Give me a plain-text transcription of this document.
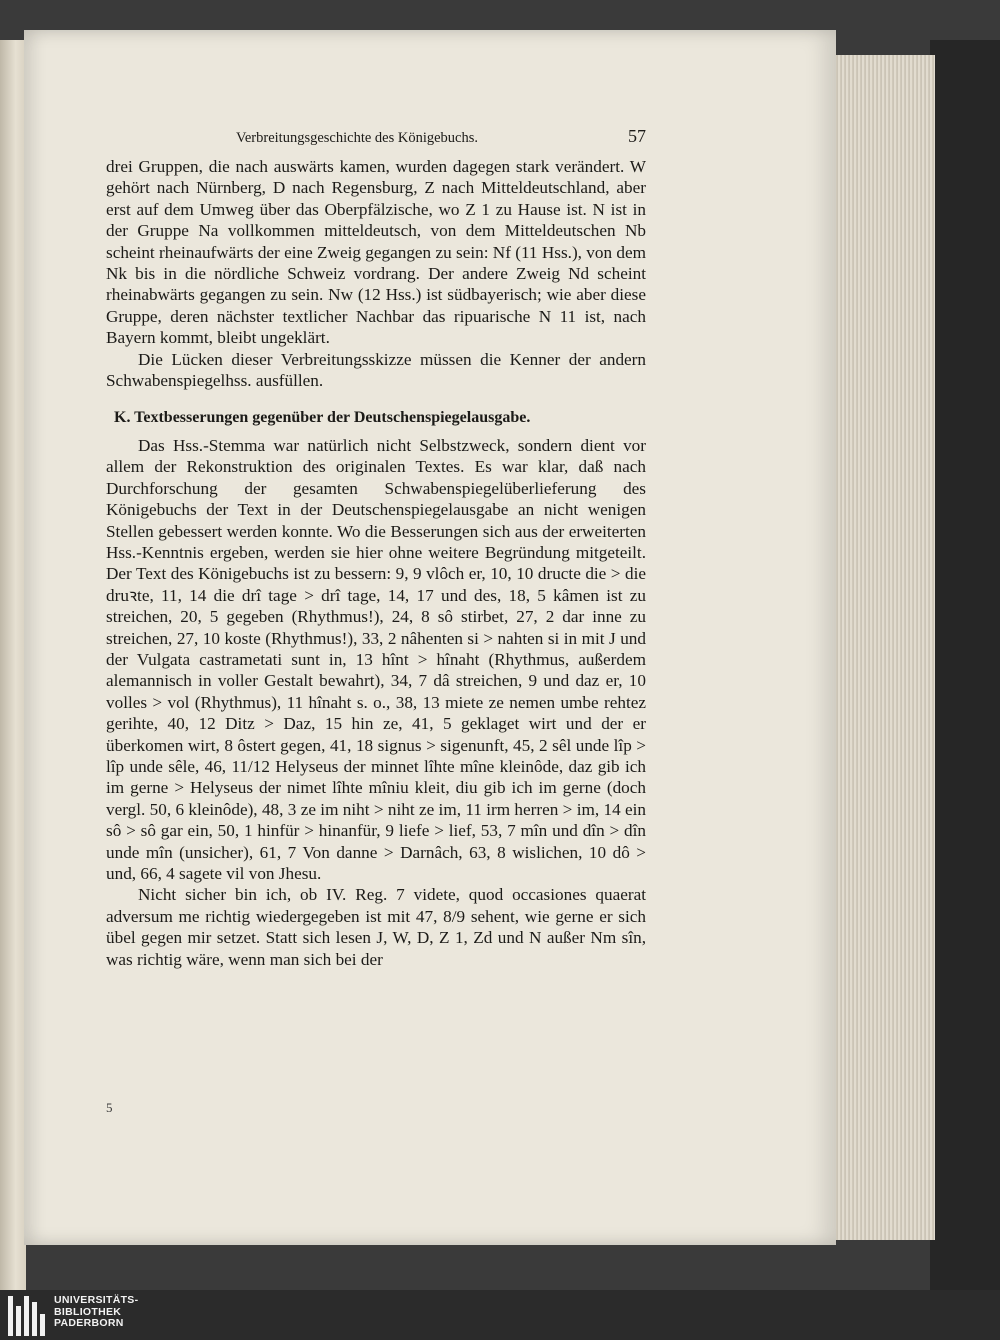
Verbreitungsgeschichte des Königebuchs.	57

drei Gruppen, die nach auswärts kamen, wurden dagegen stark verändert. W gehört nach Nürnberg, D nach Regensburg, Z nach Mitteldeutschland, aber erst auf dem Umweg über das Oberpfälzische, wo Z 1 zu Hause ist. N ist in der Gruppe Na vollkommen mitteldeutsch, von dem Mitteldeutschen Nb scheint rheinaufwärts der eine Zweig gegangen zu sein: Nf (11 Hss.), von dem Nk bis in die nördliche Schweiz vordrang. Der andere Zweig Nd scheint rheinabwärts gegangen zu sein. Nw (12 Hss.) ist südbayerisch; wie aber diese Gruppe, deren nächster textlicher Nachbar das ripuarische N 11 ist, nach Bayern kommt, bleibt ungeklärt.

Die Lücken dieser Verbreitungsskizze müssen die Kenner der andern Schwabenspiegelhss. ausfüllen.

K. Textbesserungen gegenüber der Deutschenspiegelausgabe.

Das Hss.-Stemma war natürlich nicht Selbstzweck, sondern dient vor allem der Rekonstruktion des originalen Textes. Es war klar, daß nach Durchforschung der gesamten Schwabenspiegelüberlieferung des Königebuchs der Text in der Deutschenspiegelausgabe an nicht wenigen Stellen gebessert werden konnte. Wo die Besserungen sich aus der erweiterten Hss.-Kenntnis ergeben, werden sie hier ohne weitere Begründung mitgeteilt. Der Text des Königebuchs ist zu bessern: 9, 9 vlôch er, 10, 10 dructe die > die druꝛte, 11, 14 die drî tage > drî tage, 14, 17 und des, 18, 5 kâmen ist zu streichen, 20, 5 gegeben (Rhythmus!), 24, 8 sô stirbet, 27, 2 dar inne zu streichen, 27, 10 koste (Rhythmus!), 33, 2 nâhenten si > nahten si in mit J und der Vulgata castrametati sunt in, 13 hînt > hînaht (Rhythmus, außerdem alemannisch in voller Gestalt bewahrt), 34, 7 dâ streichen, 9 und daz er, 10 volles > vol (Rhythmus), 11 hînaht s. o., 38, 13 miete ze nemen umbe rehtez gerihte, 40, 12 Ditz > Daz, 15 hin ze, 41, 5 geklaget wirt und der er überkomen wirt, 8 ôstert gegen, 41, 18 signus > sigenunft, 45, 2 sêl unde lîp > lîp unde sêle, 46, 11/12 Helyseus der minnet lîhte mîne kleinôde, daz gib ich im gerne > Helyseus der nimet lîhte mîniu kleit, diu gib ich im gerne (doch vergl. 50, 6 kleinôde), 48, 3 ze im niht > niht ze im, 11 irm herren > im, 14 ein sô > sô gar ein, 50, 1 hinfür > hinanfür, 9 liefe > lief, 53, 7 mîn und dîn > dîn unde mîn (unsicher), 61, 7 Von danne > Darnâch, 63, 8 wislichen, 10 dô > und, 66, 4 sagete vil von Jhesu.

Nicht sicher bin ich, ob IV. Reg. 7 videte, quod occasiones quaerat adversum me richtig wiedergegeben ist mit 47, 8/9 sehent, wie gerne er sich übel gegen mir setzet. Statt sich lesen J, W, D, Z 1, Zd und N außer Nm sîn, was richtig wäre, wenn man sich bei der

5
UNIVERSITÄTS-
BIBLIOTHEK
PADERBORN
